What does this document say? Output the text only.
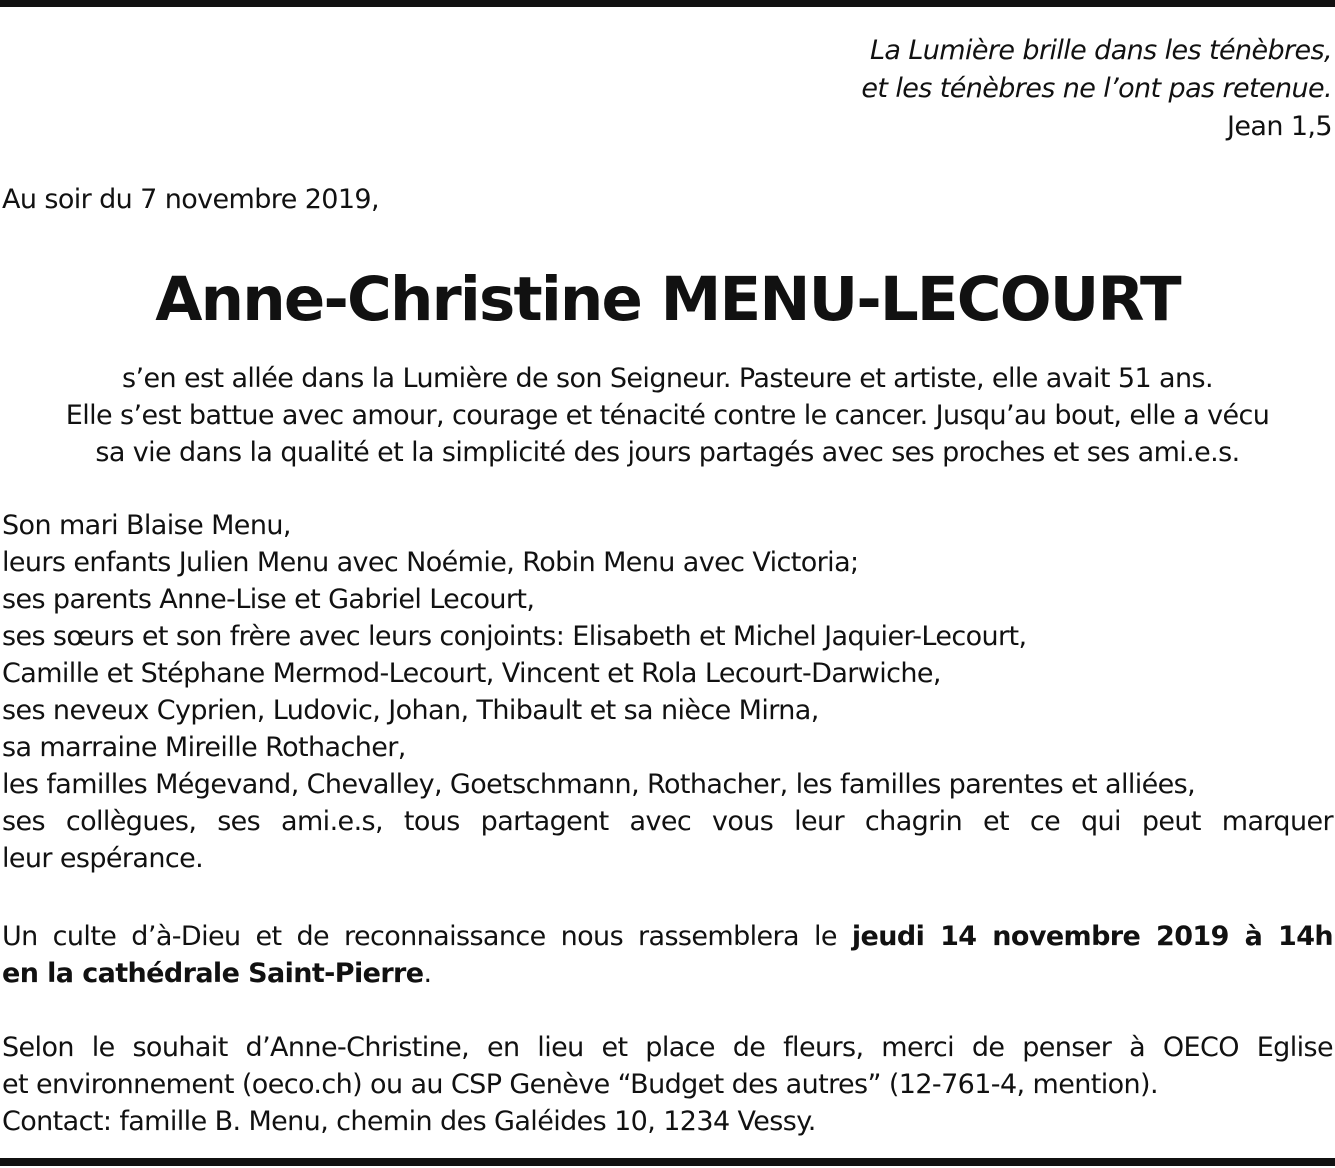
La Lumière brille dans les ténèbres,
et les ténèbres ne l’ont pas retenue.
Jean 1,5
Au soir du 7 novembre 2019,
Anne-Christine MENU-LECOURT
s’en est allée dans la Lumière de son Seigneur. Pasteure et artiste, elle avait 51 ans.
Elle s’est battue avec amour, courage et ténacité contre le cancer. Jusqu’au bout, elle a vécu
sa vie dans la qualité et la simplicité des jours partagés avec ses proches et ses ami.e.s.
Son mari Blaise Menu,
leurs enfants Julien Menu avec Noémie, Robin Menu avec Victoria;
ses parents Anne-Lise et Gabriel Lecourt,
ses sœurs et son frère avec leurs conjoints: Elisabeth et Michel Jaquier-Lecourt,
Camille et Stéphane Mermod-Lecourt, Vincent et Rola Lecourt-Darwiche,
ses neveux Cyprien, Ludovic, Johan, Thibault et sa nièce Mirna,
sa marraine Mireille Rothacher,
les familles Mégevand, Chevalley, Goetschmann, Rothacher, les familles parentes et alliées,
ses collègues, ses ami.e.s, tous partagent avec vous leur chagrin et ce qui peut marquer
leur espérance.
Un culte d’à-Dieu et de reconnaissance nous rassemblera le jeudi 14 novembre 2019 à 14h
en la cathédrale Saint-Pierre.
Selon le souhait d’Anne-Christine, en lieu et place de fleurs, merci de penser à OECO Eglise
et environnement (oeco.ch) ou au CSP Genève “Budget des autres” (12-761-4, mention).
Contact: famille B. Menu, chemin des Galéides 10, 1234 Vessy.
